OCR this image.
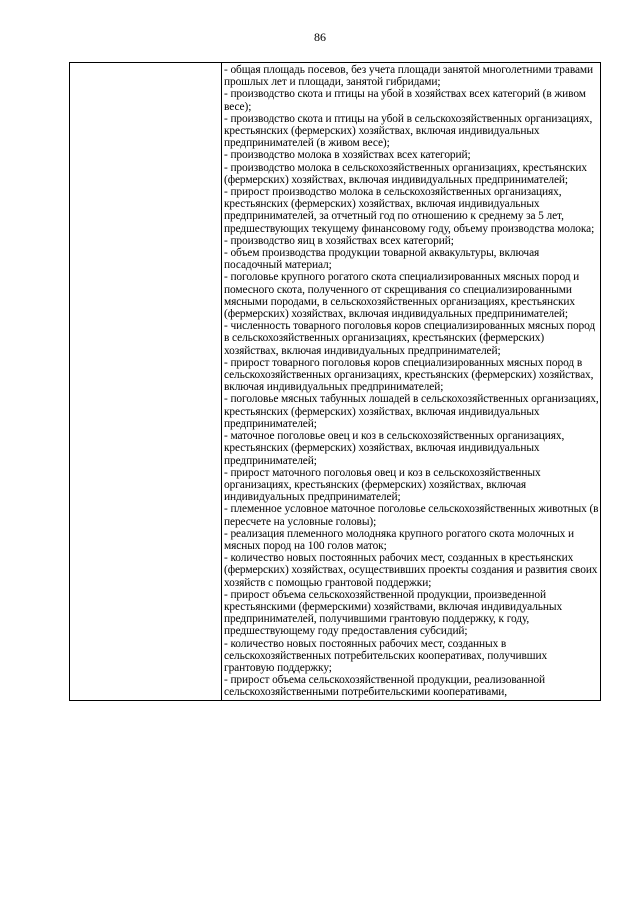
86

- общая площадь посевов, без учета площади занятой многолетними травами прошлых лет и площади, занятой гибридами;
- производство скота и птицы на убой в хозяйствах всех категорий (в живом весе);
- производство скота и птицы на убой в сельскохозяйственных организациях, крестьянских (фермерских) хозяйствах, включая индивидуальных предпринимателей (в живом весе);
- производство молока в хозяйствах всех категорий;
- производство молока в сельскохозяйственных организациях, крестьянских (фермерских) хозяйствах, включая индивидуальных предпринимателей;
- прирост производство молока в сельскохозяйственных организациях, крестьянских (фермерских) хозяйствах, включая индивидуальных предпринимателей, за отчетный год по отношению к среднему за 5 лет, предшествующих текущему финансовому году, объему производства молока;
- производство яиц в хозяйствах всех категорий;
- объем производства продукции товарной аквакультуры, включая посадочный материал;
- поголовье крупного рогатого скота специализированных мясных пород и помесного скота, полученного от скрещивания со специализированными мясными породами, в сельскохозяйственных организациях, крестьянских (фермерских) хозяйствах, включая индивидуальных предпринимателей;
- численность товарного поголовья коров специализированных мясных пород в сельскохозяйственных организациях, крестьянских (фермерских) хозяйствах, включая индивидуальных предпринимателей;
- прирост товарного поголовья коров специализированных мясных пород в сельскохозяйственных организациях, крестьянских (фермерских) хозяйствах, включая индивидуальных предпринимателей;
- поголовье мясных табунных лошадей в сельскохозяйственных организациях, крестьянских (фермерских) хозяйствах, включая индивидуальных предпринимателей;
- маточное поголовье овец и коз в сельскохозяйственных организациях, крестьянских (фермерских) хозяйствах, включая индивидуальных предпринимателей;
- прирост маточного поголовья овец и коз в сельскохозяйственных организациях, крестьянских (фермерских) хозяйствах, включая индивидуальных предпринимателей;
- племенное условное маточное поголовье сельскохозяйственных животных (в пересчете на условные головы);
- реализация племенного молодняка крупного рогатого скота молочных и мясных пород на 100 голов маток;
- количество новых постоянных рабочих мест, созданных в крестьянских (фермерских) хозяйствах, осуществивших проекты создания и развития своих хозяйств с помощью грантовой поддержки;
- прирост объема сельскохозяйственной продукции, произведенной крестьянскими (фермерскими) хозяйствами, включая индивидуальных предпринимателей, получившими грантовую поддержку, к году, предшествующему году предоставления субсидий;
- количество новых постоянных рабочих мест, созданных в сельскохозяйственных потребительских кооперативах, получивших грантовую поддержку;
- прирост объема сельскохозяйственной продукции, реализованной сельскохозяйственными потребительскими кооперативами,
